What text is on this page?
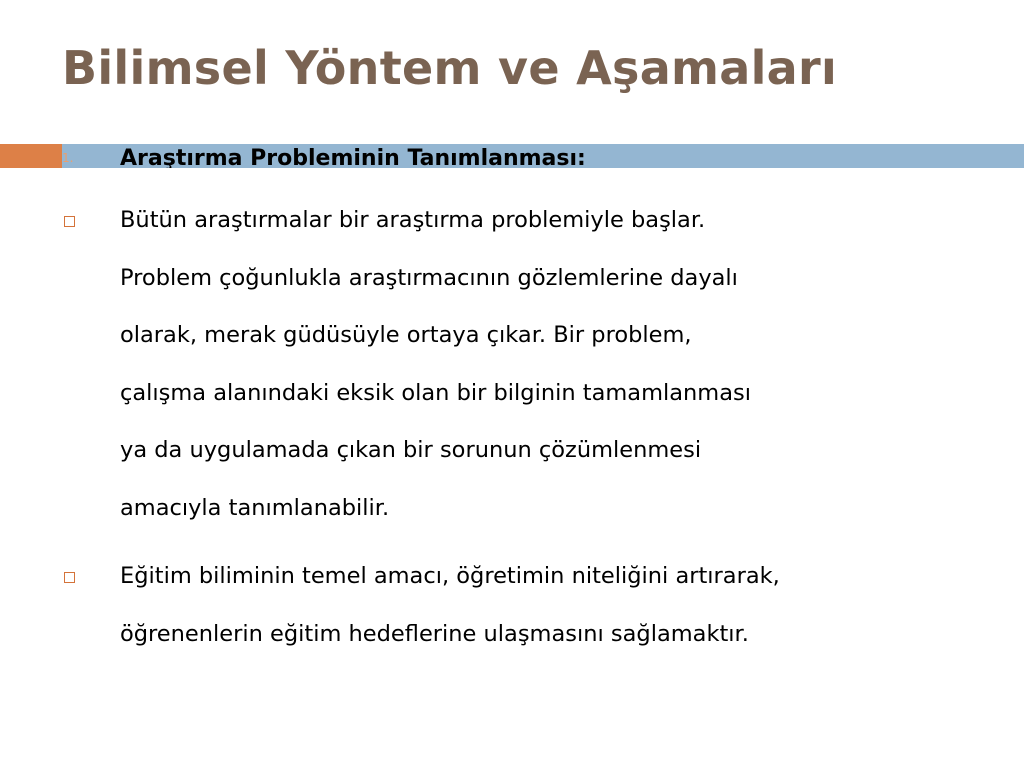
Bilimsel Yöntem ve Aşamaları
1. Araştırma Probleminin Tanımlanması:

Bütün araştırmalar bir araştırma problemiyle başlar.
Problem çoğunlukla araştırmacının gözlemlerine dayalı
olarak, merak güdüsüyle ortaya çıkar. Bir problem,
çalışma alanındaki eksik olan bir bilginin tamamlanması
ya da uygulamada çıkan bir sorunun çözümlenmesi
amacıyla tanımlanabilir.

Eğitim biliminin temel amacı, öğretimin niteliğini artırarak,
öğrenenlerin eğitim hedeflerine ulaşmasını sağlamaktır.
